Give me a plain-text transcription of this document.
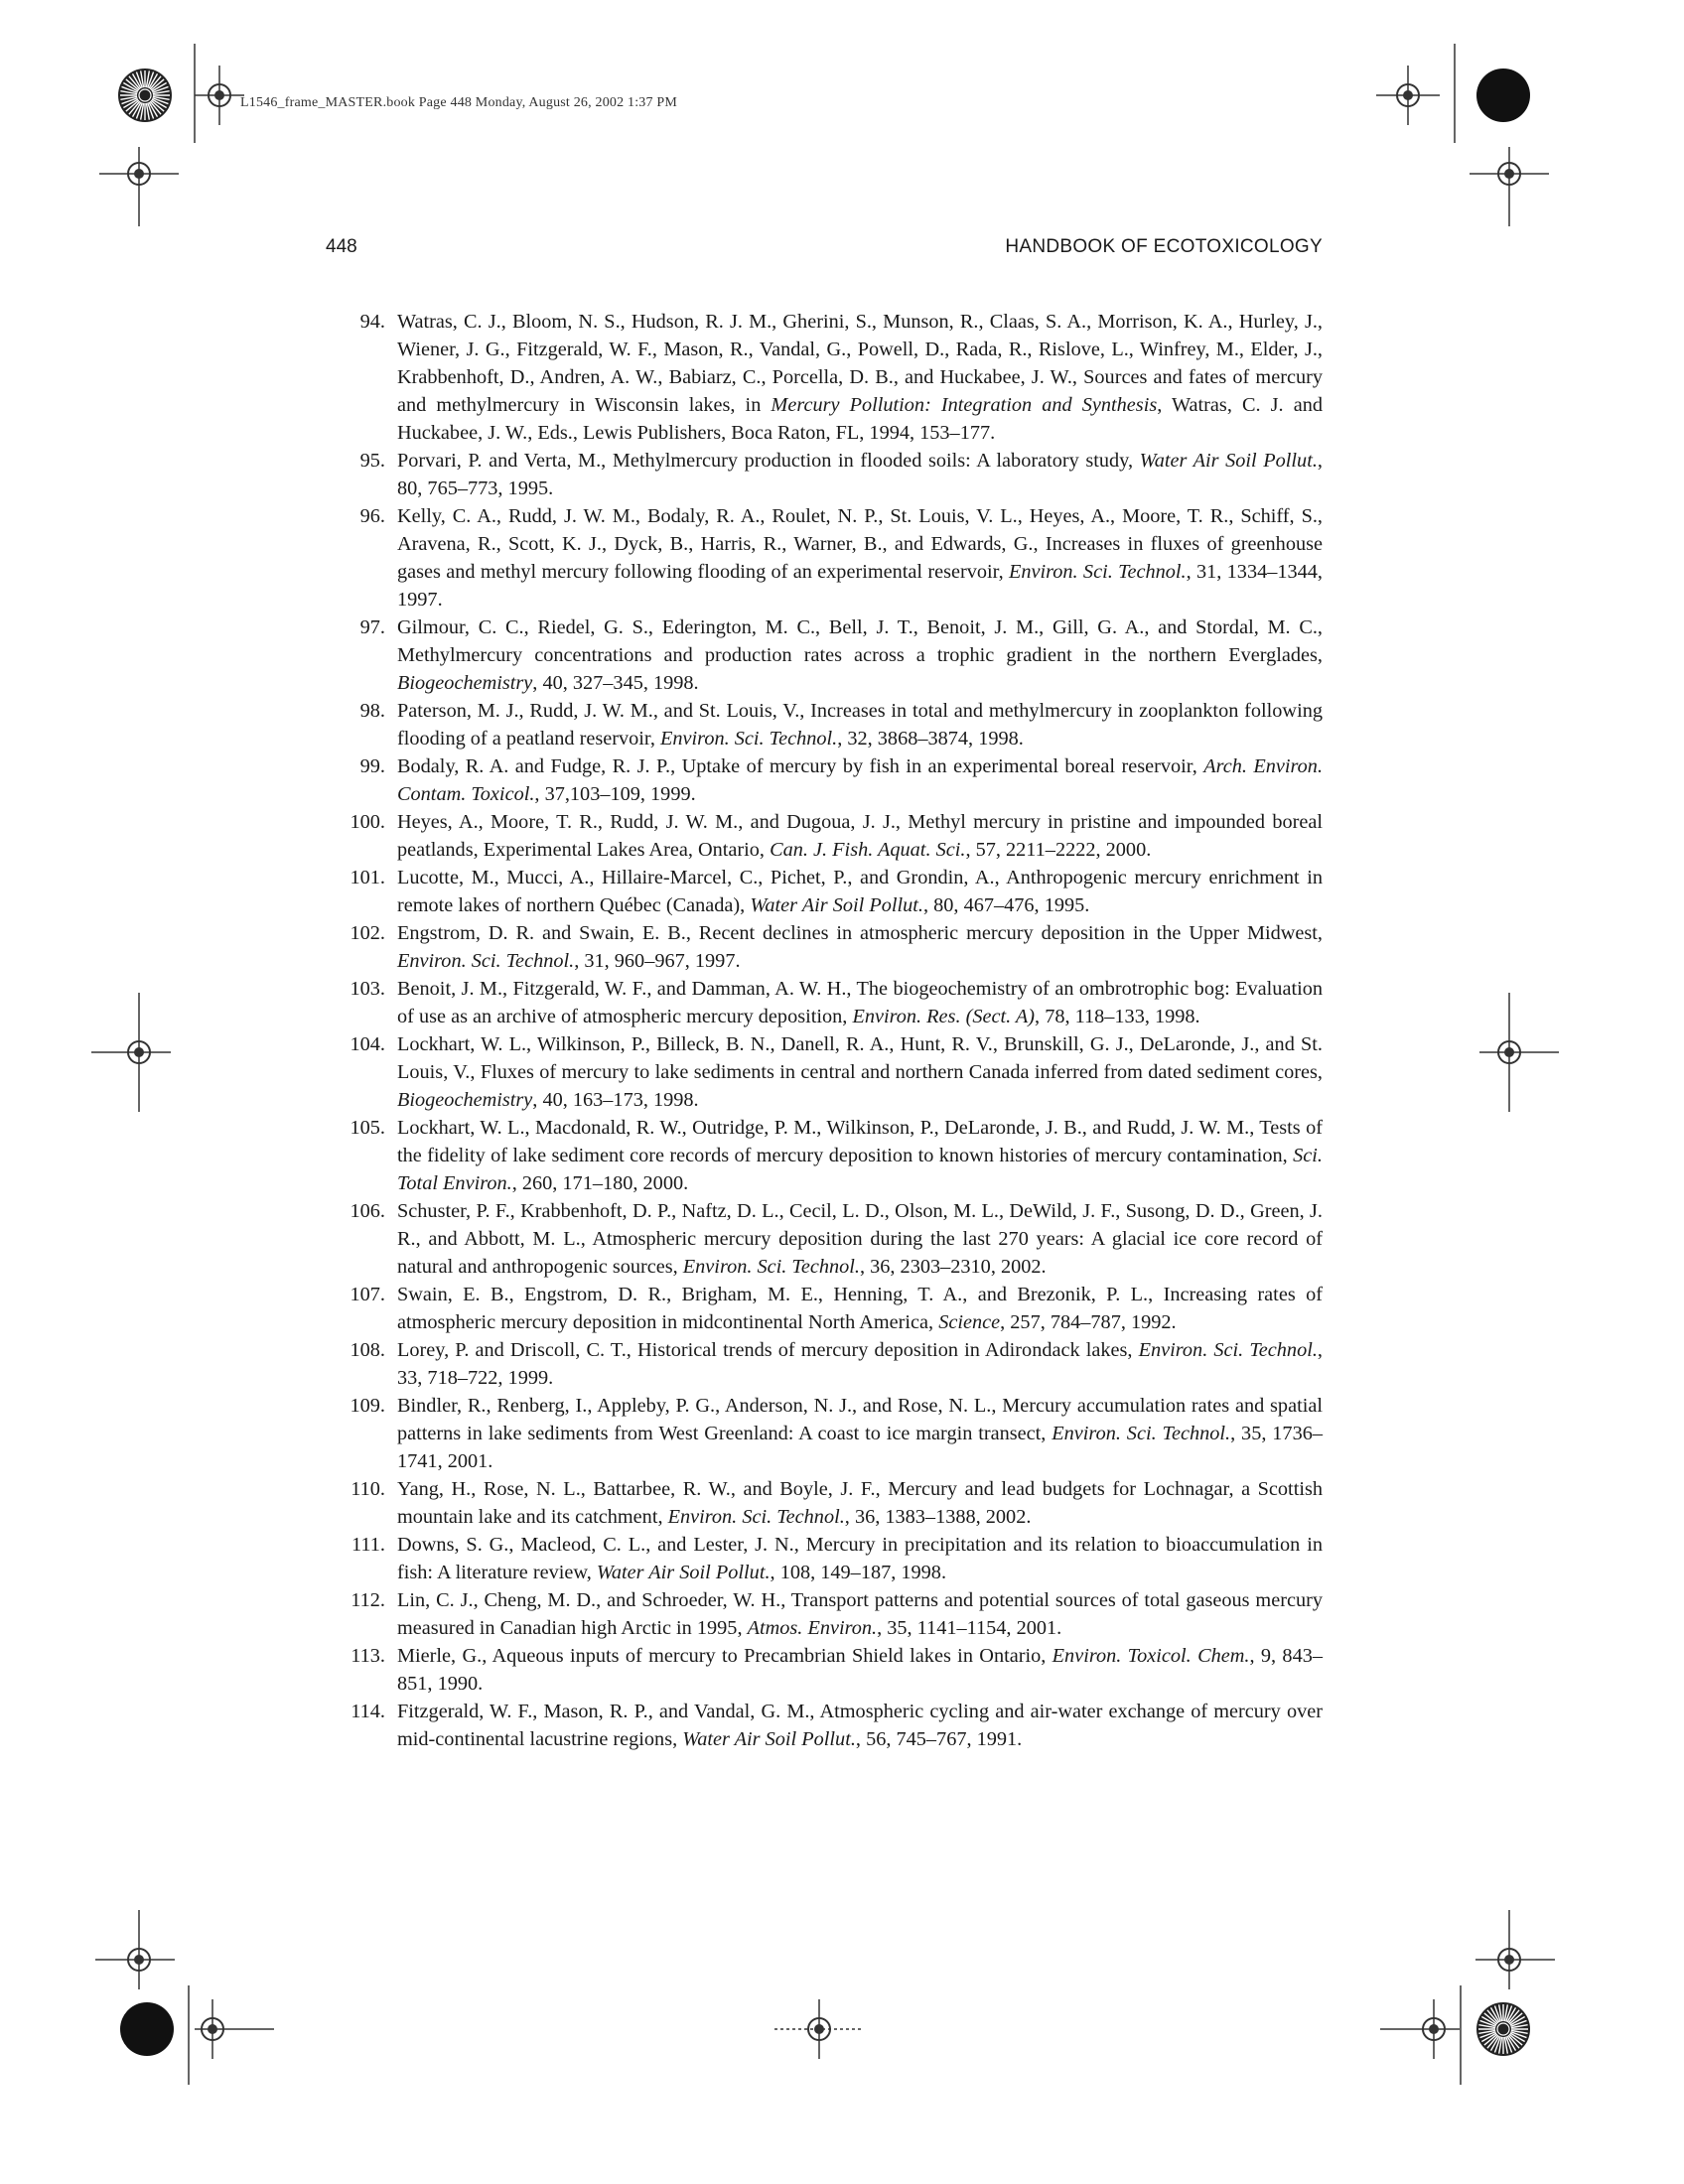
L1546_frame_MASTER.book Page 448 Monday, August 26, 2002 1:37 PM
448	HANDBOOK OF ECOTOXICOLOGY
94. Watras, C. J., Bloom, N. S., Hudson, R. J. M., Gherini, S., Munson, R., Claas, S. A., Morrison, K. A., Hurley, J., Wiener, J. G., Fitzgerald, W. F., Mason, R., Vandal, G., Powell, D., Rada, R., Rislove, L., Winfrey, M., Elder, J., Krabbenhoft, D., Andren, A. W., Babiarz, C., Porcella, D. B., and Huckabee, J. W., Sources and fates of mercury and methylmercury in Wisconsin lakes, in Mercury Pollution: Integration and Synthesis, Watras, C. J. and Huckabee, J. W., Eds., Lewis Publishers, Boca Raton, FL, 1994, 153–177.
95. Porvari, P. and Verta, M., Methylmercury production in flooded soils: A laboratory study, Water Air Soil Pollut., 80, 765–773, 1995.
96. Kelly, C. A., Rudd, J. W. M., Bodaly, R. A., Roulet, N. P., St. Louis, V. L., Heyes, A., Moore, T. R., Schiff, S., Aravena, R., Scott, K. J., Dyck, B., Harris, R., Warner, B., and Edwards, G., Increases in fluxes of greenhouse gases and methyl mercury following flooding of an experimental reservoir, Environ. Sci. Technol., 31, 1334–1344, 1997.
97. Gilmour, C. C., Riedel, G. S., Ederington, M. C., Bell, J. T., Benoit, J. M., Gill, G. A., and Stordal, M. C., Methylmercury concentrations and production rates across a trophic gradient in the northern Everglades, Biogeochemistry, 40, 327–345, 1998.
98. Paterson, M. J., Rudd, J. W. M., and St. Louis, V., Increases in total and methylmercury in zooplankton following flooding of a peatland reservoir, Environ. Sci. Technol., 32, 3868–3874, 1998.
99. Bodaly, R. A. and Fudge, R. J. P., Uptake of mercury by fish in an experimental boreal reservoir, Arch. Environ. Contam. Toxicol., 37,103–109, 1999.
100. Heyes, A., Moore, T. R., Rudd, J. W. M., and Dugoua, J. J., Methyl mercury in pristine and impounded boreal peatlands, Experimental Lakes Area, Ontario, Can. J. Fish. Aquat. Sci., 57, 2211–2222, 2000.
101. Lucotte, M., Mucci, A., Hillaire-Marcel, C., Pichet, P., and Grondin, A., Anthropogenic mercury enrichment in remote lakes of northern Québec (Canada), Water Air Soil Pollut., 80, 467–476, 1995.
102. Engstrom, D. R. and Swain, E. B., Recent declines in atmospheric mercury deposition in the Upper Midwest, Environ. Sci. Technol., 31, 960–967, 1997.
103. Benoit, J. M., Fitzgerald, W. F., and Damman, A. W. H., The biogeochemistry of an ombrotrophic bog: Evaluation of use as an archive of atmospheric mercury deposition, Environ. Res. (Sect. A), 78, 118–133, 1998.
104. Lockhart, W. L., Wilkinson, P., Billeck, B. N., Danell, R. A., Hunt, R. V., Brunskill, G. J., DeLaronde, J., and St. Louis, V., Fluxes of mercury to lake sediments in central and northern Canada inferred from dated sediment cores, Biogeochemistry, 40, 163–173, 1998.
105. Lockhart, W. L., Macdonald, R. W., Outridge, P. M., Wilkinson, P., DeLaronde, J. B., and Rudd, J. W. M., Tests of the fidelity of lake sediment core records of mercury deposition to known histories of mercury contamination, Sci. Total Environ., 260, 171–180, 2000.
106. Schuster, P. F., Krabbenhoft, D. P., Naftz, D. L., Cecil, L. D., Olson, M. L., DeWild, J. F., Susong, D. D., Green, J. R., and Abbott, M. L., Atmospheric mercury deposition during the last 270 years: A glacial ice core record of natural and anthropogenic sources, Environ. Sci. Technol., 36, 2303–2310, 2002.
107. Swain, E. B., Engstrom, D. R., Brigham, M. E., Henning, T. A., and Brezonik, P. L., Increasing rates of atmospheric mercury deposition in midcontinental North America, Science, 257, 784–787, 1992.
108. Lorey, P. and Driscoll, C. T., Historical trends of mercury deposition in Adirondack lakes, Environ. Sci. Technol., 33, 718–722, 1999.
109. Bindler, R., Renberg, I., Appleby, P. G., Anderson, N. J., and Rose, N. L., Mercury accumulation rates and spatial patterns in lake sediments from West Greenland: A coast to ice margin transect, Environ. Sci. Technol., 35, 1736–1741, 2001.
110. Yang, H., Rose, N. L., Battarbee, R. W., and Boyle, J. F., Mercury and lead budgets for Lochnagar, a Scottish mountain lake and its catchment, Environ. Sci. Technol., 36, 1383–1388, 2002.
111. Downs, S. G., Macleod, C. L., and Lester, J. N., Mercury in precipitation and its relation to bioaccumulation in fish: A literature review, Water Air Soil Pollut., 108, 149–187, 1998.
112. Lin, C. J., Cheng, M. D., and Schroeder, W. H., Transport patterns and potential sources of total gaseous mercury measured in Canadian high Arctic in 1995, Atmos. Environ., 35, 1141–1154, 2001.
113. Mierle, G., Aqueous inputs of mercury to Precambrian Shield lakes in Ontario, Environ. Toxicol. Chem., 9, 843–851, 1990.
114. Fitzgerald, W. F., Mason, R. P., and Vandal, G. M., Atmospheric cycling and air-water exchange of mercury over mid-continental lacustrine regions, Water Air Soil Pollut., 56, 745–767, 1991.
